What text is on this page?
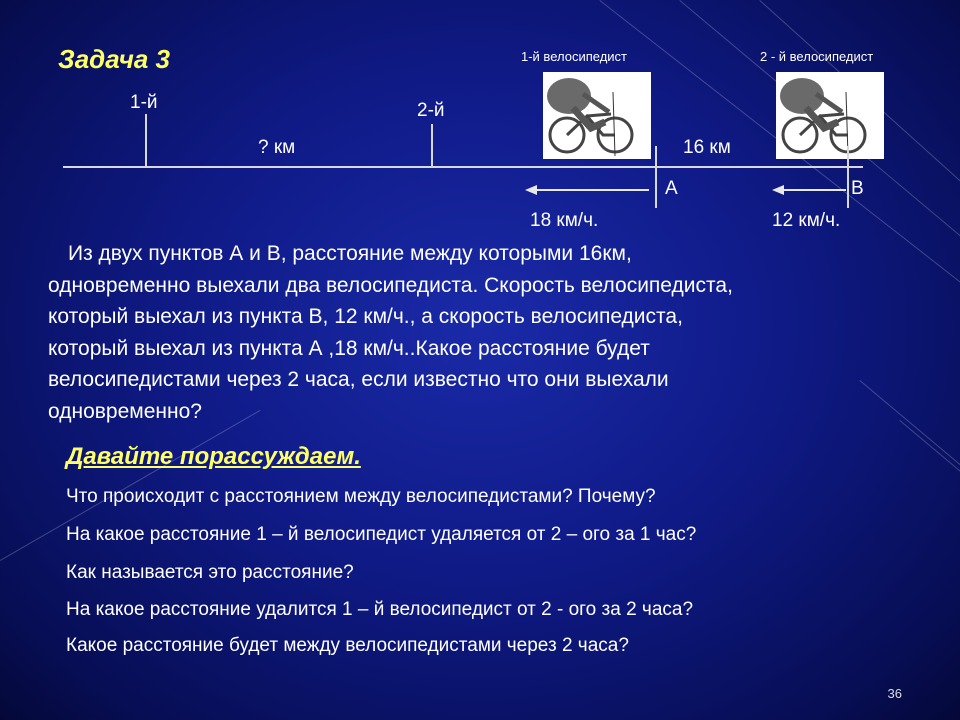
Задача 3	1-й велосипедист	2 - й велосипедист
1-й	2-й
? км	16 км
А	В
18 км/ч.	12 км/ч.
Из двух пунктов А и В, расстояние между которыми 16км,
одновременно выехали два велосипедиста. Скорость велосипедиста,
который выехал из пункта В, 12 км/ч., а скорость велосипедиста,
который выехал из пункта А ,18 км/ч..Какое расстояние будет
велосипедистами через 2 часа, если известно что они выехали
одновременно?
Давайте порассуждаем.
Что происходит с расстоянием между велосипедистами? Почему?
На какое расстояние 1 – й велосипедист удаляется от 2 – ого за 1 час?
Как называется это расстояние?
На какое расстояние удалится 1 – й велосипедист от 2 - ого за 2 часа?
Какое расстояние будет между велосипедистами через 2 часа?
36
